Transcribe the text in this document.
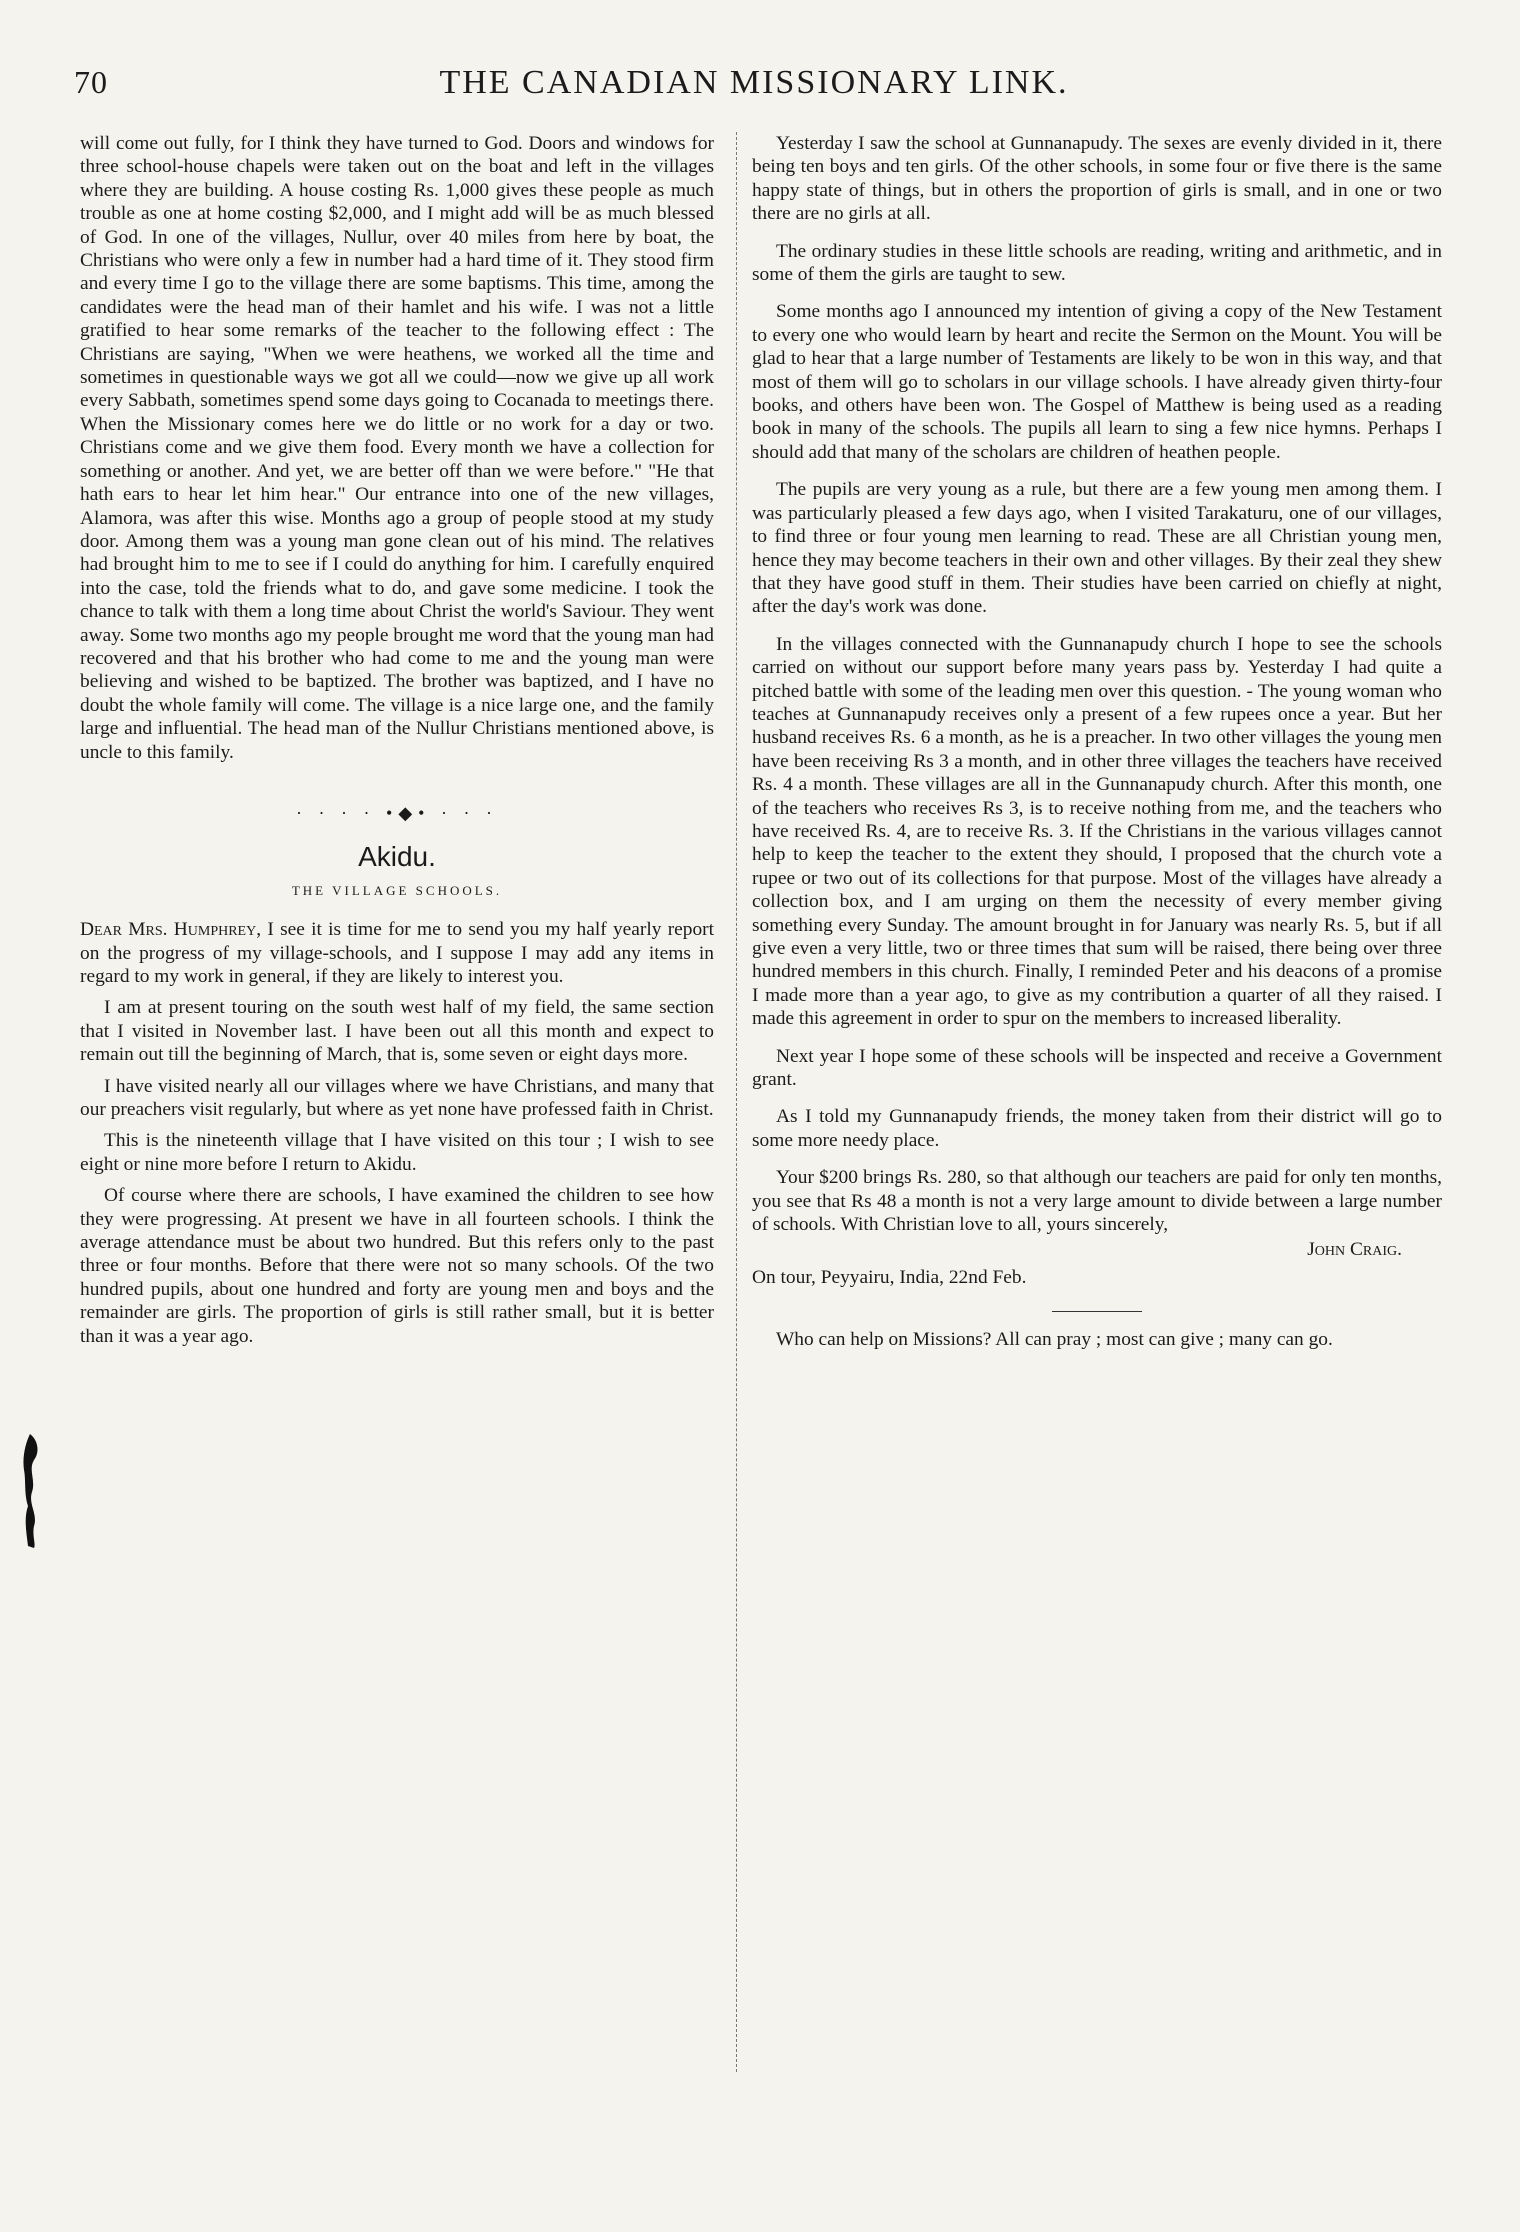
70	THE CANADIAN MISSIONARY LINK.

will come out fully, for I think they have turned to God. Doors and windows for three school-house chapels were taken out on the boat and left in the villages where they are building. A house costing Rs. 1,000 gives these people as much trouble as one at home costing $2,000, and I might add will be as much blessed of God. In one of the villages, Nullur, over 40 miles from here by boat, the Christians who were only a few in number had a hard time of it. They stood firm and every time I go to the village there are some baptisms. This time, among the candidates were the head man of their hamlet and his wife. I was not a little gratified to hear some remarks of the teacher to the following effect : The Christians are saying, "When we were heathens, we worked all the time and sometimes in questionable ways we got all we could—now we give up all work every Sabbath, sometimes spend some days going to Cocanada to meetings there. When the Missionary comes here we do little or no work for a day or two. Christians come and we give them food. Every month we have a collection for something or another. And yet, we are better off than we were before." "He that hath ears to hear let him hear." Our entrance into one of the new villages, Alamora, was after this wise. Months ago a group of people stood at my study door. Among them was a young man gone clean out of his mind. The relatives had brought him to me to see if I could do anything for him. I carefully enquired into the case, told the friends what to do, and gave some medicine. I took the chance to talk with them a long time about Christ the world's Saviour. They went away. Some two months ago my people brought me word that the young man had recovered and that his brother who had come to me and the young man were believing and wished to be baptized. The brother was baptized, and I have no doubt the whole family will come. The village is a nice large one, and the family large and influential. The head man of the Nullur Christians mentioned above, is uncle to this family.

· · · · •◆• · · ·
Akidu.
THE VILLAGE SCHOOLS.

Dear Mrs. Humphrey, I see it is time for me to send you my half yearly report on the progress of my village-schools, and I suppose I may add any items in regard to my work in general, if they are likely to interest you.

I am at present touring on the south west half of my field, the same section that I visited in November last. I have been out all this month and expect to remain out till the beginning of March, that is, some seven or eight days more.

I have visited nearly all our villages where we have Christians, and many that our preachers visit regularly, but where as yet none have professed faith in Christ.

This is the nineteenth village that I have visited on this tour ; I wish to see eight or nine more before I return to Akidu.

Of course where there are schools, I have examined the children to see how they were progressing. At present we have in all fourteen schools. I think the average attendance must be about two hundred. But this refers only to the past three or four months. Before that there were not so many schools. Of the two hundred pupils, about one hundred and forty are young men and boys and the remainder are girls. The proportion of girls is still rather small, but it is better than it was a year ago.

Yesterday I saw the school at Gunnanapudy. The sexes are evenly divided in it, there being ten boys and ten girls. Of the other schools, in some four or five there is the same happy state of things, but in others the proportion of girls is small, and in one or two there are no girls at all.

The ordinary studies in these little schools are reading, writing and arithmetic, and in some of them the girls are taught to sew.

Some months ago I announced my intention of giving a copy of the New Testament to every one who would learn by heart and recite the Sermon on the Mount. You will be glad to hear that a large number of Testaments are likely to be won in this way, and that most of them will go to scholars in our village schools. I have already given thirty-four books, and others have been won. The Gospel of Matthew is being used as a reading book in many of the schools. The pupils all learn to sing a few nice hymns. Perhaps I should add that many of the scholars are children of heathen people.

The pupils are very young as a rule, but there are a few young men among them. I was particularly pleased a few days ago, when I visited Tarakaturu, one of our villages, to find three or four young men learning to read. These are all Christian young men, hence they may become teachers in their own and other villages. By their zeal they shew that they have good stuff in them. Their studies have been carried on chiefly at night, after the day's work was done.

In the villages connected with the Gunnanapudy church I hope to see the schools carried on without our support before many years pass by. Yesterday I had quite a pitched battle with some of the leading men over this question. - The young woman who teaches at Gunnanapudy receives only a present of a few rupees once a year. But her husband receives Rs. 6 a month, as he is a preacher. In two other villages the young men have been receiving Rs 3 a month, and in other three villages the teachers have received Rs. 4 a month. These villages are all in the Gunnanapudy church. After this month, one of the teachers who receives Rs 3, is to receive nothing from me, and the teachers who have received Rs. 4, are to receive Rs. 3. If the Christians in the various villages cannot help to keep the teacher to the extent they should, I proposed that the church vote a rupee or two out of its collections for that purpose. Most of the villages have already a collection box, and I am urging on them the necessity of every member giving something every Sunday. The amount brought in for January was nearly Rs. 5, but if all give even a very little, two or three times that sum will be raised, there being over three hundred members in this church. Finally, I reminded Peter and his deacons of a promise I made more than a year ago, to give as my contribution a quarter of all they raised. I made this agreement in order to spur on the members to increased liberality.

Next year I hope some of these schools will be inspected and receive a Government grant.

As I told my Gunnanapudy friends, the money taken from their district will go to some more needy place.

Your $200 brings Rs. 280, so that although our teachers are paid for only ten months, you see that Rs 48 a month is not a very large amount to divide between a large number of schools. With Christian love to all, yours sincerely,

John Craig.

On tour, Peyyairu, India, 22nd Feb.

Who can help on Missions? All can pray ; most can give ; many can go.
